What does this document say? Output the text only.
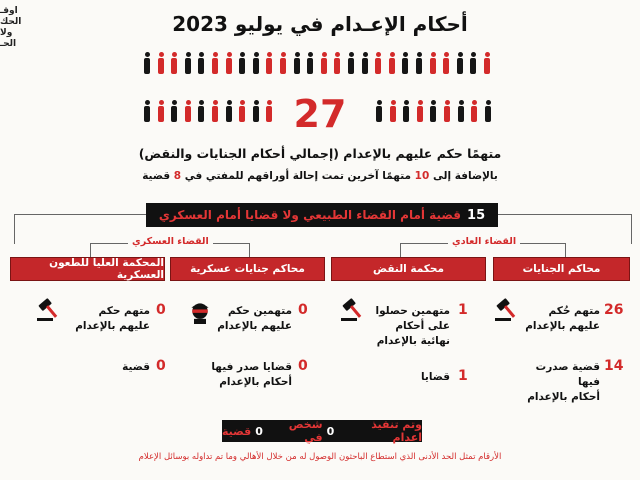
أوقـ
الحك
ولا
الحـ
أحكام الإعـدام في يوليو 2023
27
متهمًا حكم عليهم بالإعدام (إجمالي أحكام الجنايات والنقض)
بالإضافة إلى 10 متهمًا آخرين تمت إحالة أوراقهم للمفتي في 8 قضية
15
قضية أمام القضاء الطبيعي ولا قضايا أمام العسكري
القضاء العادي
القضاء العسكري
محاكم الجنايات
محكمة النقض
محاكم جنايات عسكرية
المحكمة العليا للطعون العسكرية
26
متهم حُكم
عليهم بالإعدام
14
قضية صدرت فيها
أحكام بالإعدام
1
متهمين حصلوا
على أحكام
نهائية بالإعدام
1
قضايا
0
متهمين حكم
عليهم بالإعدام
0
قضايا صدر فيها
أحكام بالإعدام
0
متهم حكم
عليهم بالإعدام
0
قضية
وتم تنفيذ اعدام
0
شخص في
0
قضية
الأرقام تمثل الحد الأدنى الذي استطاع الباحثون الوصول له من خلال الأهالي وما تم تداوله بوسائل الإعلام
